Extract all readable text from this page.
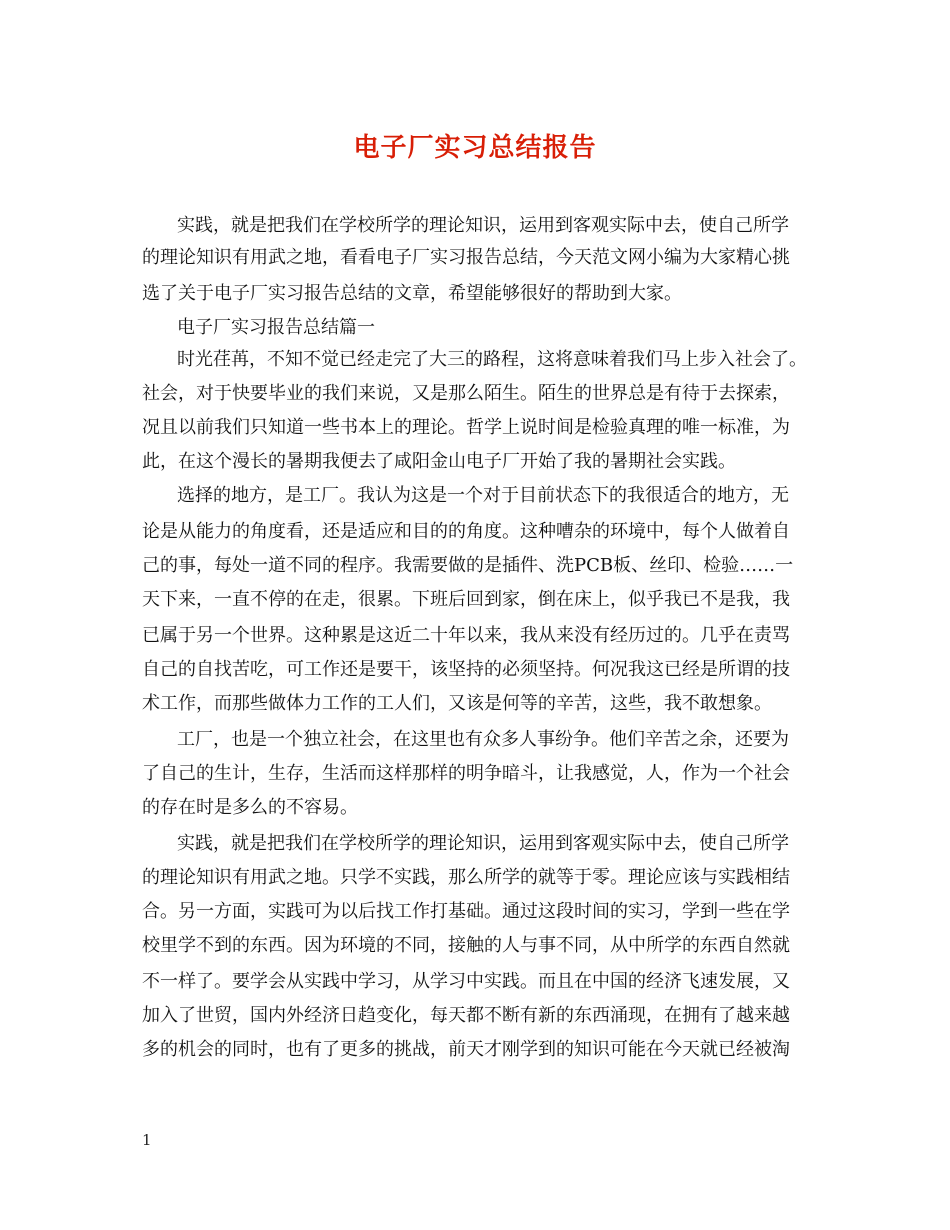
电子厂实习总结报告
实践，就是把我们在学校所学的理论知识，运用到客观实际中去，使自己所学
的理论知识有用武之地，看看电子厂实习报告总结，今天范文网小编为大家精心挑
选了关于电子厂实习报告总结的文章，希望能够很好的帮助到大家。
电子厂实习报告总结篇一
时光荏苒，不知不觉已经走完了大三的路程，这将意味着我们马上步入社会了。
社会，对于快要毕业的我们来说，又是那么陌生。陌生的世界总是有待于去探索，
况且以前我们只知道一些书本上的理论。哲学上说时间是检验真理的唯一标准，为
此，在这个漫长的暑期我便去了咸阳金山电子厂开始了我的暑期社会实践。
选择的地方，是工厂。我认为这是一个对于目前状态下的我很适合的地方，无
论是从能力的角度看，还是适应和目的的角度。这种嘈杂的环境中，每个人做着自
己的事，每处一道不同的程序。我需要做的是插件、洗PCB板、丝印、检验……一
天下来，一直不停的在走，很累。下班后回到家，倒在床上，似乎我已不是我，我
已属于另一个世界。这种累是这近二十年以来，我从来没有经历过的。几乎在责骂
自己的自找苦吃，可工作还是要干，该坚持的必须坚持。何况我这已经是所谓的技
术工作，而那些做体力工作的工人们，又该是何等的辛苦，这些，我不敢想象。
工厂，也是一个独立社会，在这里也有众多人事纷争。他们辛苦之余，还要为
了自己的生计，生存，生活而这样那样的明争暗斗，让我感觉，人，作为一个社会
的存在时是多么的不容易。
实践，就是把我们在学校所学的理论知识，运用到客观实际中去，使自己所学
的理论知识有用武之地。只学不实践，那么所学的就等于零。理论应该与实践相结
合。另一方面，实践可为以后找工作打基础。通过这段时间的实习，学到一些在学
校里学不到的东西。因为环境的不同，接触的人与事不同，从中所学的东西自然就
不一样了。要学会从实践中学习，从学习中实践。而且在中国的经济飞速发展，又
加入了世贸，国内外经济日趋变化，每天都不断有新的东西涌现，在拥有了越来越
多的机会的同时，也有了更多的挑战，前天才刚学到的知识可能在今天就已经被淘
1
